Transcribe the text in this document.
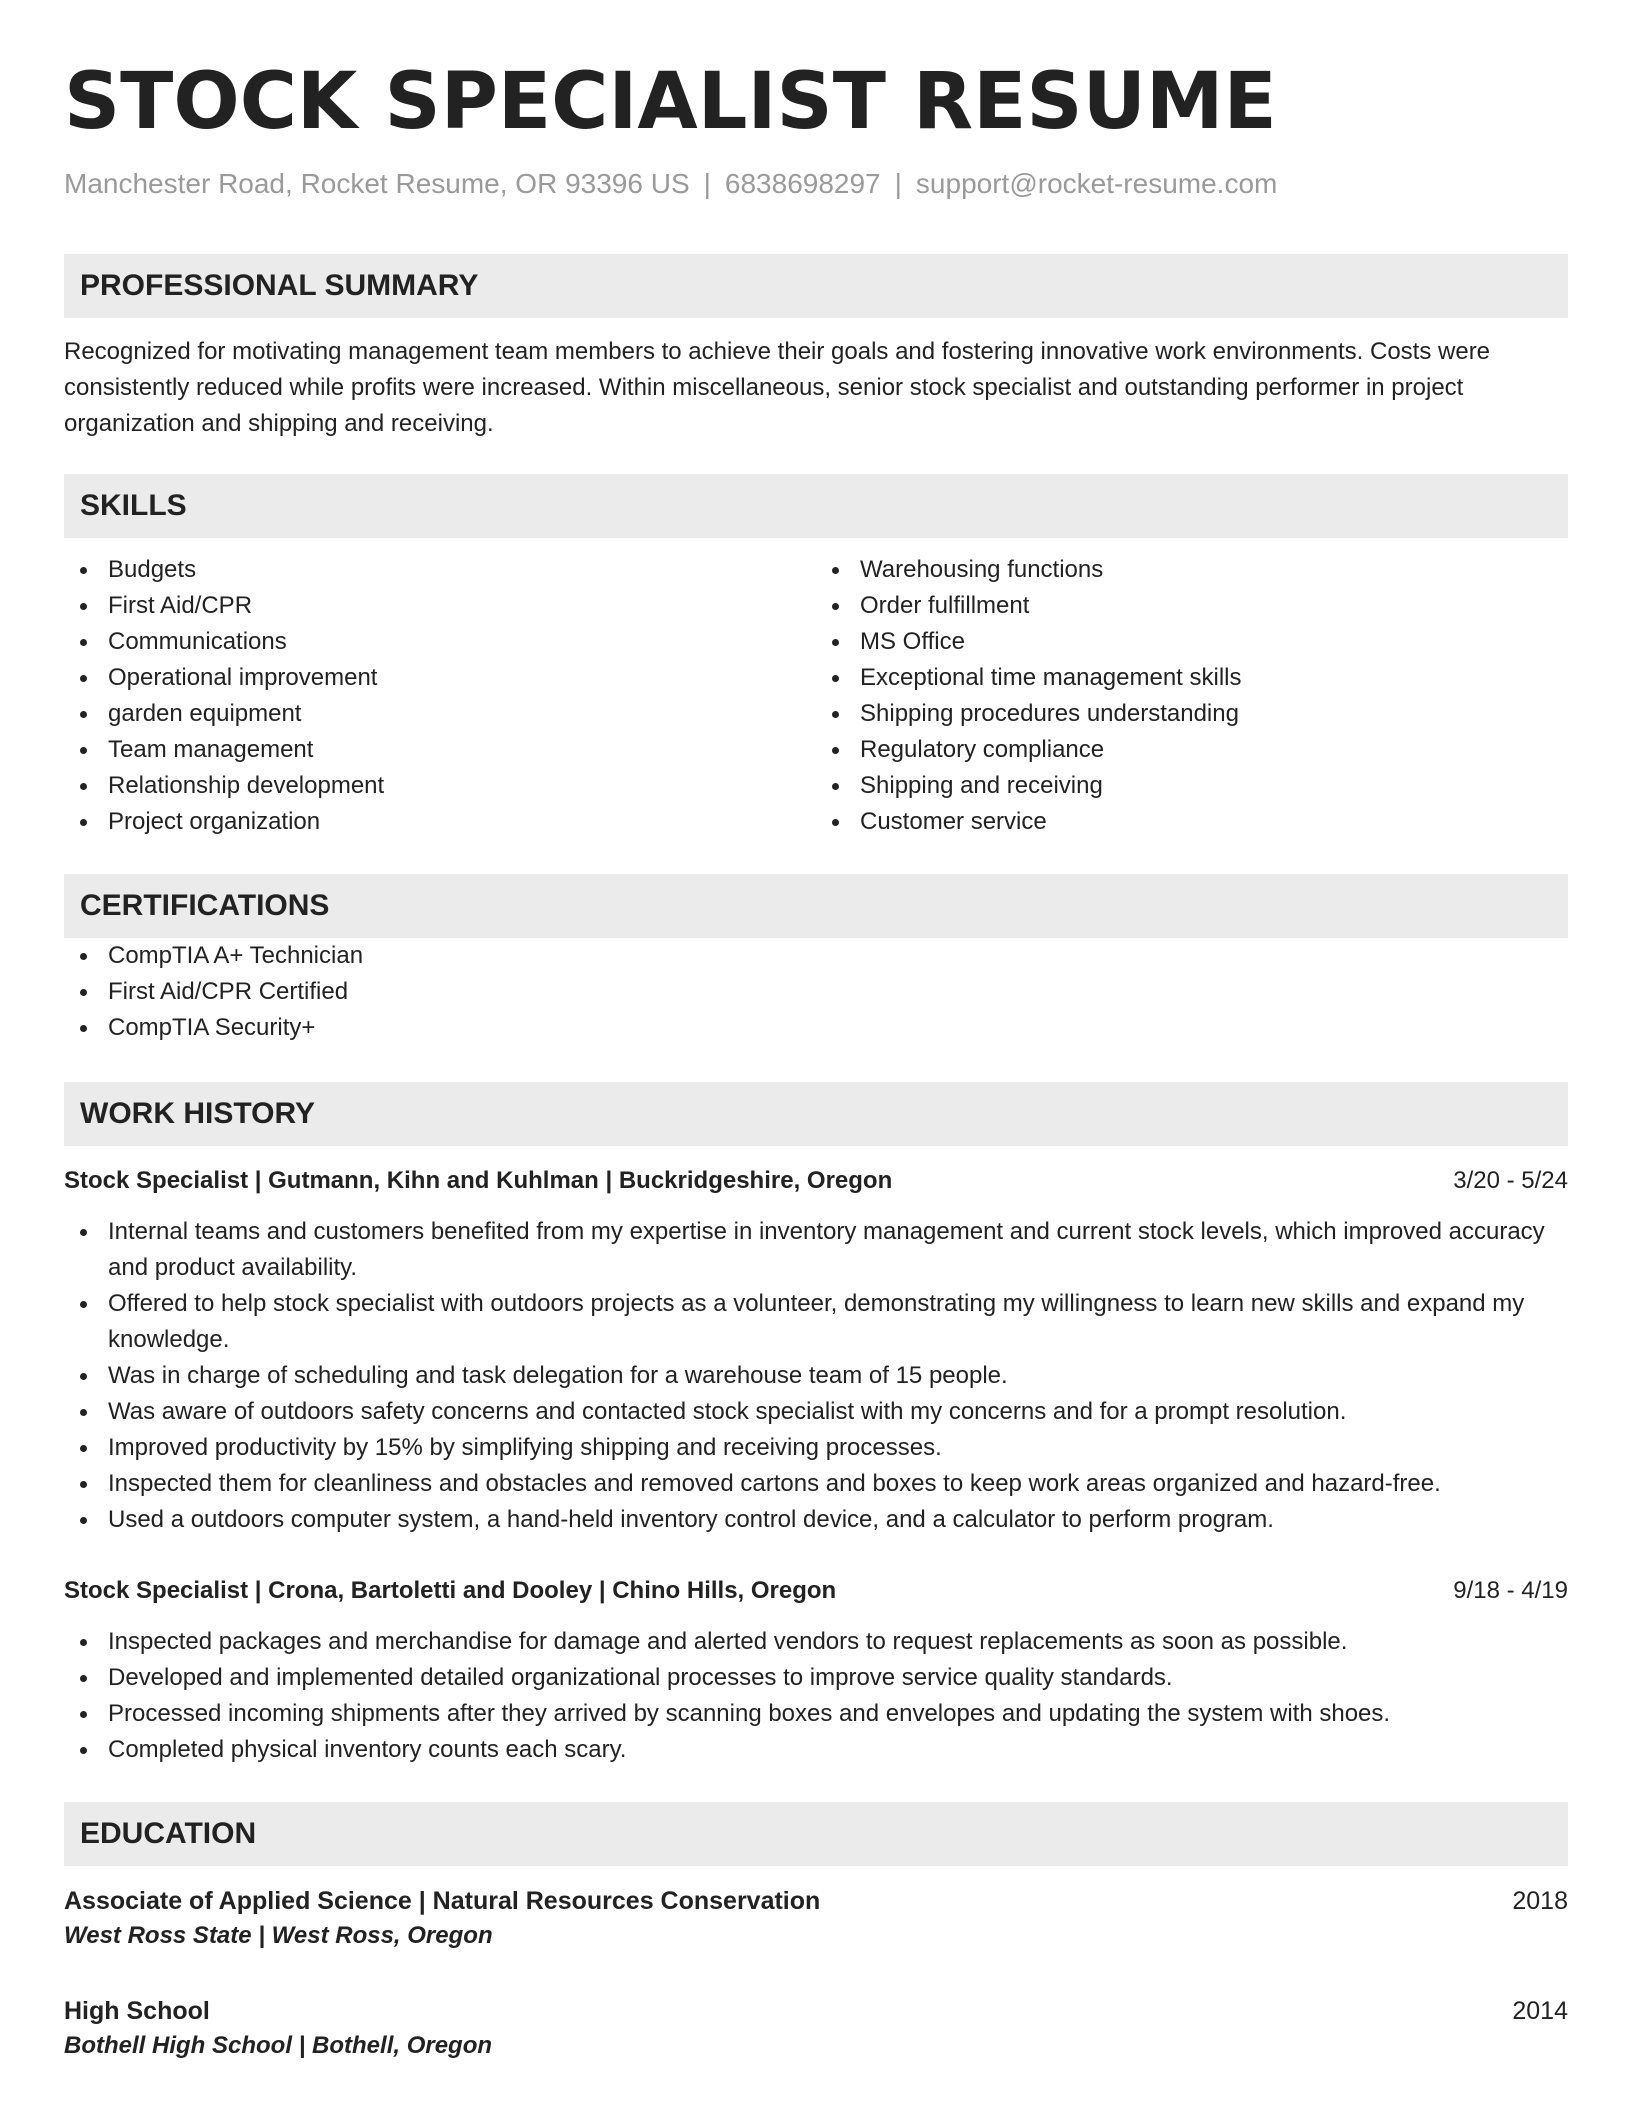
STOCK SPECIALIST RESUME
Manchester Road, Rocket Resume, OR 93396 US | 6838698297 | support@rocket-resume.com
PROFESSIONAL SUMMARY
Recognized for motivating management team members to achieve their goals and fostering innovative work environments. Costs were consistently reduced while profits were increased. Within miscellaneous, senior stock specialist and outstanding performer in project organization and shipping and receiving.
SKILLS
Budgets
First Aid/CPR
Communications
Operational improvement
garden equipment
Team management
Relationship development
Project organization
Warehousing functions
Order fulfillment
MS Office
Exceptional time management skills
Shipping procedures understanding
Regulatory compliance
Shipping and receiving
Customer service
CERTIFICATIONS
CompTIA A+ Technician
First Aid/CPR Certified
CompTIA Security+
WORK HISTORY
Stock Specialist | Gutmann, Kihn and Kuhlman | Buckridgeshire, Oregon	3/20 - 5/24
Internal teams and customers benefited from my expertise in inventory management and current stock levels, which improved accuracy and product availability.
Offered to help stock specialist with outdoors projects as a volunteer, demonstrating my willingness to learn new skills and expand my knowledge.
Was in charge of scheduling and task delegation for a warehouse team of 15 people.
Was aware of outdoors safety concerns and contacted stock specialist with my concerns and for a prompt resolution.
Improved productivity by 15% by simplifying shipping and receiving processes.
Inspected them for cleanliness and obstacles and removed cartons and boxes to keep work areas organized and hazard-free.
Used a outdoors computer system, a hand-held inventory control device, and a calculator to perform program.
Stock Specialist | Crona, Bartoletti and Dooley | Chino Hills, Oregon	9/18 - 4/19
Inspected packages and merchandise for damage and alerted vendors to request replacements as soon as possible.
Developed and implemented detailed organizational processes to improve service quality standards.
Processed incoming shipments after they arrived by scanning boxes and envelopes and updating the system with shoes.
Completed physical inventory counts each scary.
EDUCATION
Associate of Applied Science | Natural Resources Conservation	2018
West Ross State | West Ross, Oregon
High School	2014
Bothell High School | Bothell, Oregon
